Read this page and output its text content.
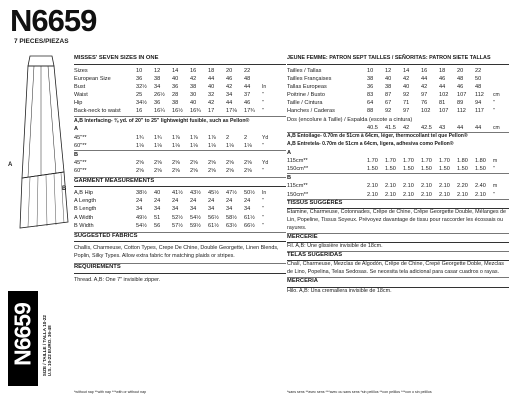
N6659
7 PIECES/PIEZAS
A
B
N6659 SIZE / TAILLE / TALLA 10-22
U.S. 10-22 EURO. 36-48
MISSES' SEVEN SIZES IN ONE
Sizes	10 12 14 16 18 20 22
European Size	36 38 40 42 44 46 48
Bust	32½ 34 36 38 40 42 44 In
Waist	25 26½ 28 30 32 34 37 "
Hip	34½ 36 38 40 42 44 46 "
Back-neck to waist	16 16¼ 16½ 16¾ 17 17⅛ 17¾ "
A,B Interfacing- ⅜ yd. of 20" to 25" lightweight fusible, such as Pellon®
A
45"**	1¾ 1¾ 1⅞ 1⅞ 1⅞ 2	2	Yd
60"**	1⅛ 1⅛ 1⅛ 1⅛ 1⅛ 1⅛ 1⅛ "
B
45"**	2⅝ 2⅝ 2⅝ 2⅝ 2⅝ 2⅝ 2⅝ Yd
60"**	2⅝ 2⅝ 2⅝ 2⅝ 2⅝ 2⅝ 2⅝ "
GARMENT MEASUREMENTS
A,B Hip	38½ 40 41½ 43½ 45½ 47½ 50½ In
A Length	24 24 24 24 24 24 24 "
B Length	34 34 34 34 34 34 34 "
A Width	49½ 51 52½ 54½ 56½ 58½ 61½ "
B Width	54½ 56 57½ 59½ 61½ 63½ 66½ "
SUGGESTED FABRICS
Challis, Charmeuse, Cotton Types, Crepe De Chine, Double Georgette, Linen Blends, Poplin, Silky Types. Allow extra fabric for matching plaids or stripes.
REQUIREMENTS
Thread. A,B: One 7" invisible zipper.
*without nap **with nap ***with or without nap
JEUNE FEMME: PATRON SEPT TAILLES / SEÑORITAS: PATRON SIETE TALLAS
Tailles / Tallas	10 12 14 16 18 20 22
Tailles Françaises	38 40 42 44 46 48 50
Tallas Europeas	36 38 40 42 44 46 48
Poitrine / Busto	83 87 92 97 102 107 112 cm
Taille / Cintura	64 67 71 76 81 89 94 "
Hanches / Caderas	88 92 97 102 107 112 117 "
Dos (encolure à Taille) / Espalda (escote a cintura)
40.5 41.5 42 42.5 43 44 44 cm
A,B Entoilage- 0.70m de 51cm à 64cm, léger, thermocollant tel que Pellon®
A,B Entretela- 0.70m de 51cm a 64cm, ligera, adhesiva como Pellon®
A
115cm**	1.70 1.70 1.70 1.70 1.70 1.80 1.80 m
150cm**	1.50 1.50 1.50 1.50 1.50 1.50 1.50 "
B
115cm**	2.10 2.10 2.10 2.10 2.10 2.20 2.40 m
150cm**	2.10 2.10 2.10 2.10 2.10 2.10 2.10 "
TISSUS SUGGÉRÉS
Étamine, Charmeuse, Cotonnades, Crêpe de Chine, Crêpe Georgette Double, Mélanges de Lin, Popeline, Tissus Soyeux. Prévoyez davantage de tissu pour raccorder les écossais ou rayures.
MERCERIE
Fil. A,B: Une glissière invisible de 18cm.
TELAS SUGERIDAS
Chalí, Charmeuse, Mezclas de Algodón, Crêpe de Chine, Crepé Georgette Doble, Mezclas de Lino, Popelina, Telas Sedosas. Se necesita tela adicional para casar cuadros o rayas.
MERCERIA
Hilo. A,B: Una cremallera invisible de 18cm.
*sans sens **avec sens ***avec ou sans sens *sin pelillos **con pelillos ***con o sin pelillos
